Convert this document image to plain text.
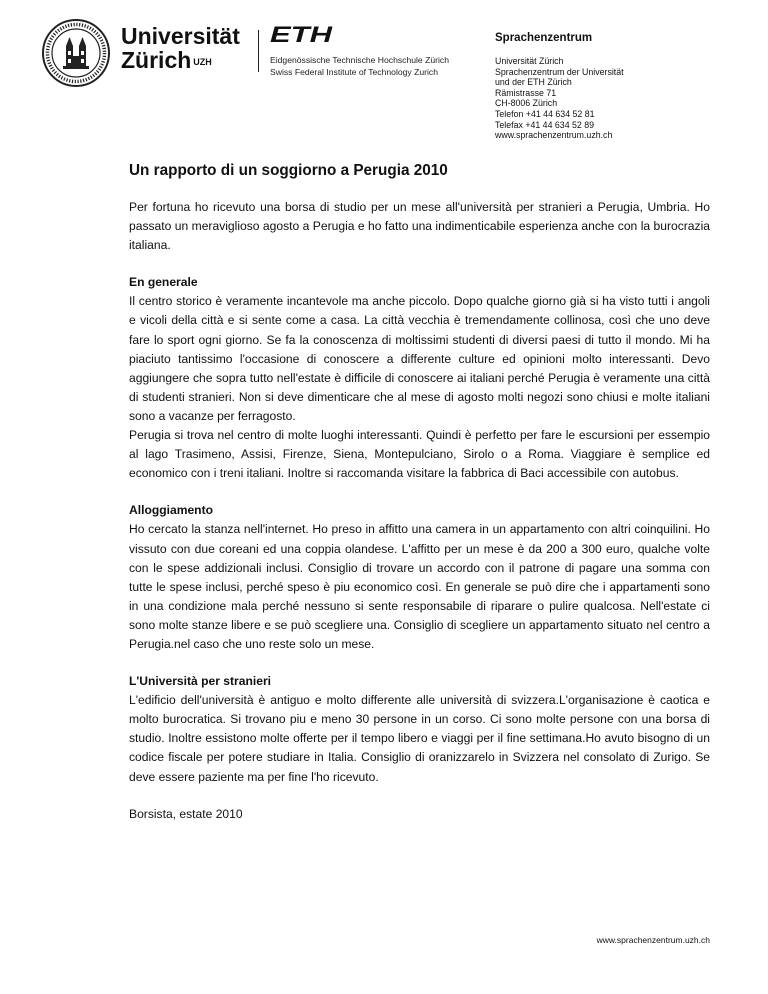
Universität
Zürich $^{UZH}$
ETH
Eidgenössische Technische Hochschule Zürich
Swiss Federal Institute of Technology Zurich
Sprachenzentrum
Universität Zürich
Sprachenzentrum der Universität
und der ETH Zürich
Rämistrasse 71
CH-8006 Zürich
Telefon +41 44 634 52 81
Telefax +41 44 634 52 89
www.sprachenzentrum.uzh.ch
Un rapporto di un soggiorno a Perugia 2010

Per fortuna ho ricevuto una borsa di studio per un mese all'università per stranieri a Perugia, Umbria. Ho passato un meraviglioso agosto a Perugia e ho fatto una indimenticabile esperienza anche con la burocrazia italiana.

En generale

Il centro storico è veramente incantevole ma anche piccolo. Dopo qualche giorno già si ha visto tutti i angoli e vicoli della città e si sente come a casa. La città vecchia è tremendamente collinosa, così che uno deve fare lo sport ogni giorno. Se fa la conoscenza di moltissimi studenti di diversi paesi di tutto il mondo. Mi ha piaciuto tantissimo l'occasione di conoscere a differente culture ed opinioni molto interessanti. Devo aggiungere che sopra tutto nell'estate è difficile di conoscere ai italiani perché Perugia è veramente una città di studenti stranieri. Non si deve dimenticare che al mese di agosto molti negozi sono chiusi e molte italiani sono a vacanze per ferragosto.

Perugia si trova nel centro di molte luoghi interessanti. Quindi è perfetto per fare le escursioni per essempio al lago Trasimeno, Assisi, Firenze, Siena, Montepulciano, Sirolo o a Roma. Viaggiare è semplice ed economico con i treni italiani. Inoltre si raccomanda visitare la fabbrica di Baci accessibile con autobus.

Alloggiamento

Ho cercato la stanza nell'internet. Ho preso in affitto una camera in un appartamento con altri coinquilini. Ho vissuto con due coreani ed una coppia olandese. L'affitto per un mese è da 200 a 300 euro, qualche volte con le spese addizionali inclusi. Consiglio di trovare un accordo con il patrone di pagare una somma con tutte le spese inclusi, perché speso è piu economico così. En generale se può dire che i appartamenti sono in una condizione mala perché nessuno si sente responsabile di riparare o pulire qualcosa. Nell'estate ci sono molte stanze libere e se può scegliere una. Consiglio di scegliere un appartamento situato nel centro a Perugia.nel caso che uno reste solo un mese.

L'Università per stranieri

L'edificio dell'università è antiguo e molto differente alle università di svizzera.L'organisazione è caotica e molto burocratica. Si trovano piu e meno 30 persone in un corso. Ci sono molte persone con una borsa di studio. Inoltre essistono molte offerte per il tempo libero e viaggi per il fine settimana.Ho avuto bisogno di un codice fiscale per potere studiare in Italia. Consiglio di oranizzarelo in Svizzera nel consolato di Zurigo. Se deve essere paziente ma per fine l'ho ricevuto.

Borsista, estate 2010

www.sprachenzentrum.uzh.ch
